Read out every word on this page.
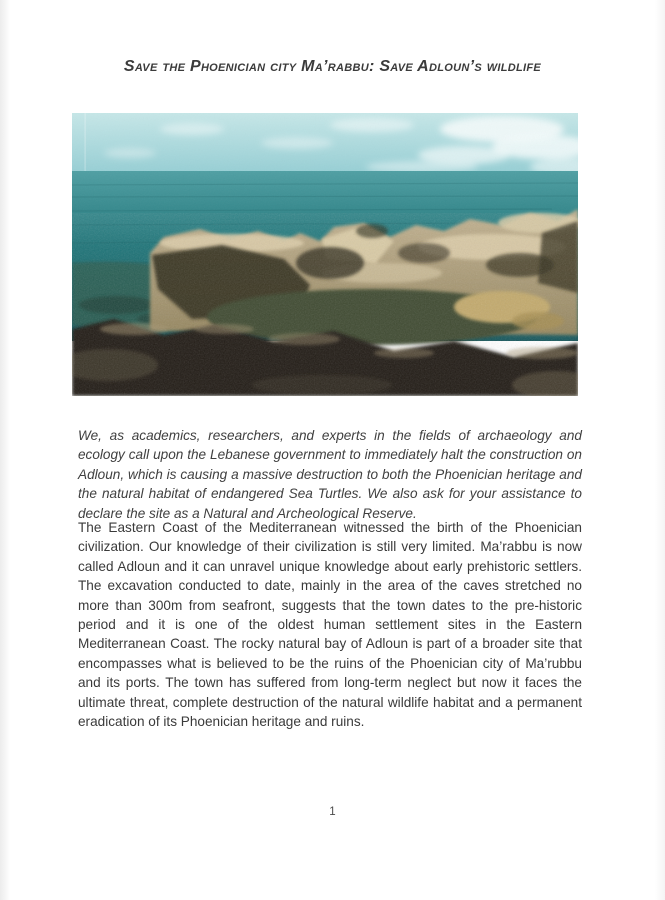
Save the Phoenician city Ma’rabbu: Save Adloun’s wildlife

We, as academics, researchers, and experts in the fields of archaeology and ecology call upon the Lebanese government to immediately halt the construction on Adloun, which is causing a massive destruction to both the Phoenician heritage and the natural habitat of endangered Sea Turtles. We also ask for your assistance to declare the site as a Natural and Archeological Reserve.

The Eastern Coast of the Mediterranean witnessed the birth of the Phoenician civilization. Our knowledge of their civilization is still very limited. Ma’rabbu is now called Adloun and it can unravel unique knowledge about early prehistoric settlers. The excavation conducted to date, mainly in the area of the caves stretched no more than 300m from seafront, suggests that the town dates to the pre-historic period and it is one of the oldest human settlement sites in the Eastern Mediterranean Coast. The rocky natural bay of Adloun is part of a broader site that encompasses what is believed to be the ruins of the Phoenician city of Ma’rubbu and its ports. The town has suffered from long-term neglect but now it faces the ultimate threat, complete destruction of the natural wildlife habitat and a permanent eradication of its Phoenician heritage and ruins.

1
